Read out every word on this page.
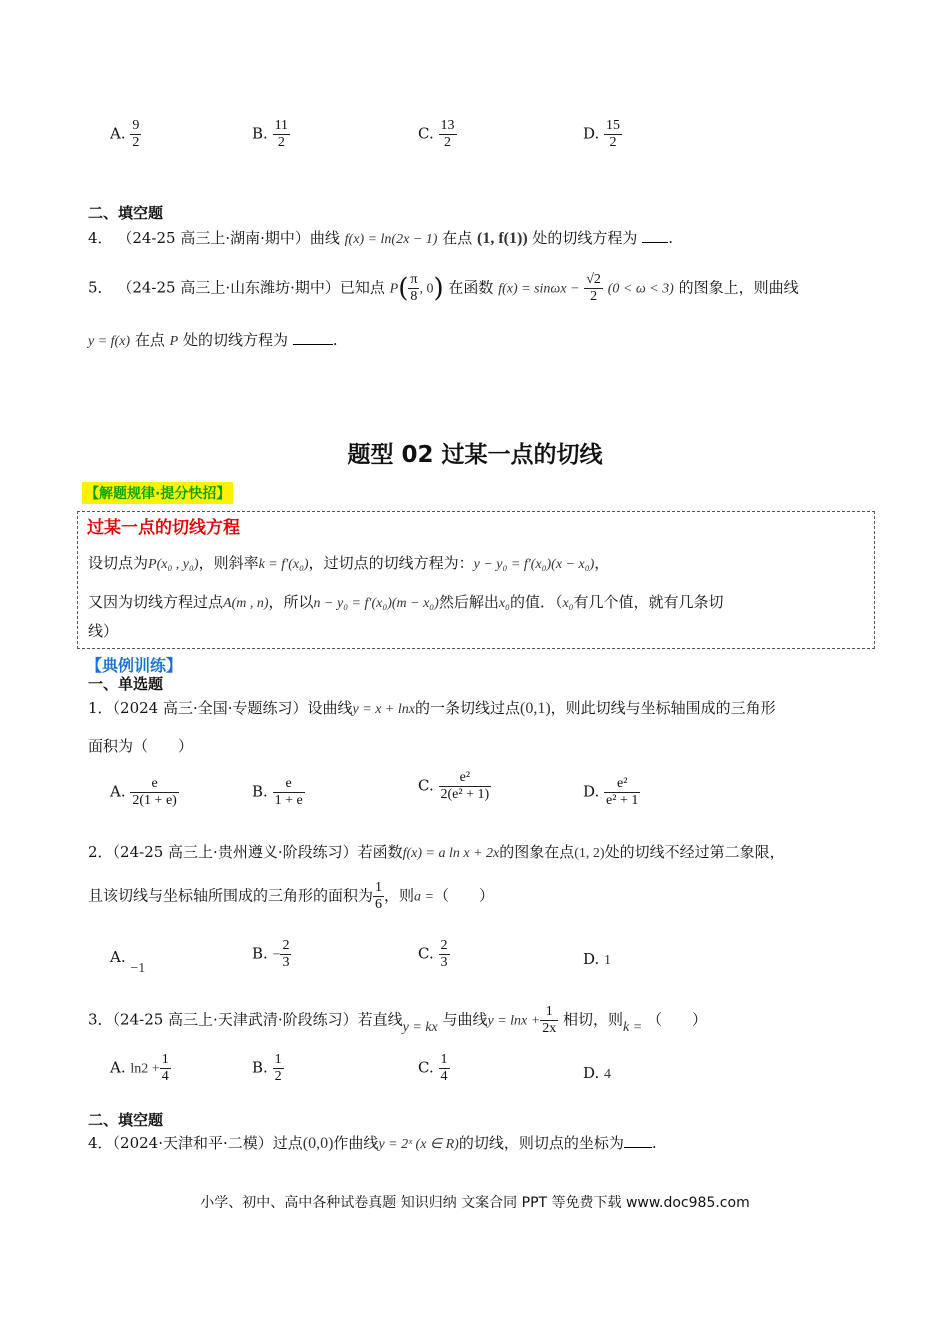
A. $\frac{9}{2}$	B. $\frac{11}{2}$	C. $\frac{13}{2}$	D. $\frac{15}{2}$
二、填空题
4． （24-25 高三上·湖南·期中）曲线 f(x) = ln(2x − 1) 在点 (1, f(1)) 处的切线方程为 .
5． （24-25 高三上·山东潍坊·期中）已知点 $P( \frac{\pi}{8}$ , 0) 在函数 $f(x) = \sin\omega x - \frac{√2}{2} (0 < \omega < 3)$ 的图象上，则曲线
y = f(x) 在点 P 处的切线方程为	.
题型 02 过某一点的切线
【解题规律·提分快招】
过某一点的切线方程
设切点为P(x₀ , y₀)，则斜率k = f′(x₀)，过切点的切线方程为：y − y₀ = f′(x₀)(x − x₀)，
又因为切线方程过点A(m , n)，所以n − y₀ = f′(x₀)(m − x₀)然后解出x₀的值．（x₀有几个值，就有几条切
线）
【典例训练】
一、单选题
1．（2024 高三·全国·专题练习）设曲线y = x + lnx的一条切线过点(0,1)，则此切线与坐标轴围成的三角形
面积为（　　）
A. $\frac{e}{2(1 + e)}$	B. $\frac{e}{1 + e}$	C. $\frac{\text{e²}}{\text{2(e² + 1)}}$	D. $\frac{\text{e²}}{\text{e² + 1}}$
2．（24-25 高三上·贵州遵义·阶段练习）若函数f(x) = a ln x + 2x的图象在点(1, 2)处的切线不经过第二象限，
且该切线与坐标轴所围成的三角形的面积为 $\frac{1}{6}$ ，则a =（　　）
A. −1
B. − $\frac{2}{3}$	C. $\frac{2}{3}$	D. 1
3．（24-25 高三上·天津武清·阶段练习）若直线y = kx 与曲线$y = \ln x + \frac{1}{2x}$ 相切，则k = （　　）
A. $\ln 2 + \frac{1}{4}$	B. $\frac{1}{2}$	C. $\frac{1}{4}$	D. 4
二、填空题
4．（2024·天津和平·二模）过点(0,0)作曲线y = 2ˣ (x ∈ R)的切线，则切点的坐标为 .
小学、初中、高中各种试卷真题 知识归纳 文案合同 PPT 等免费下载 www.doc985.com
